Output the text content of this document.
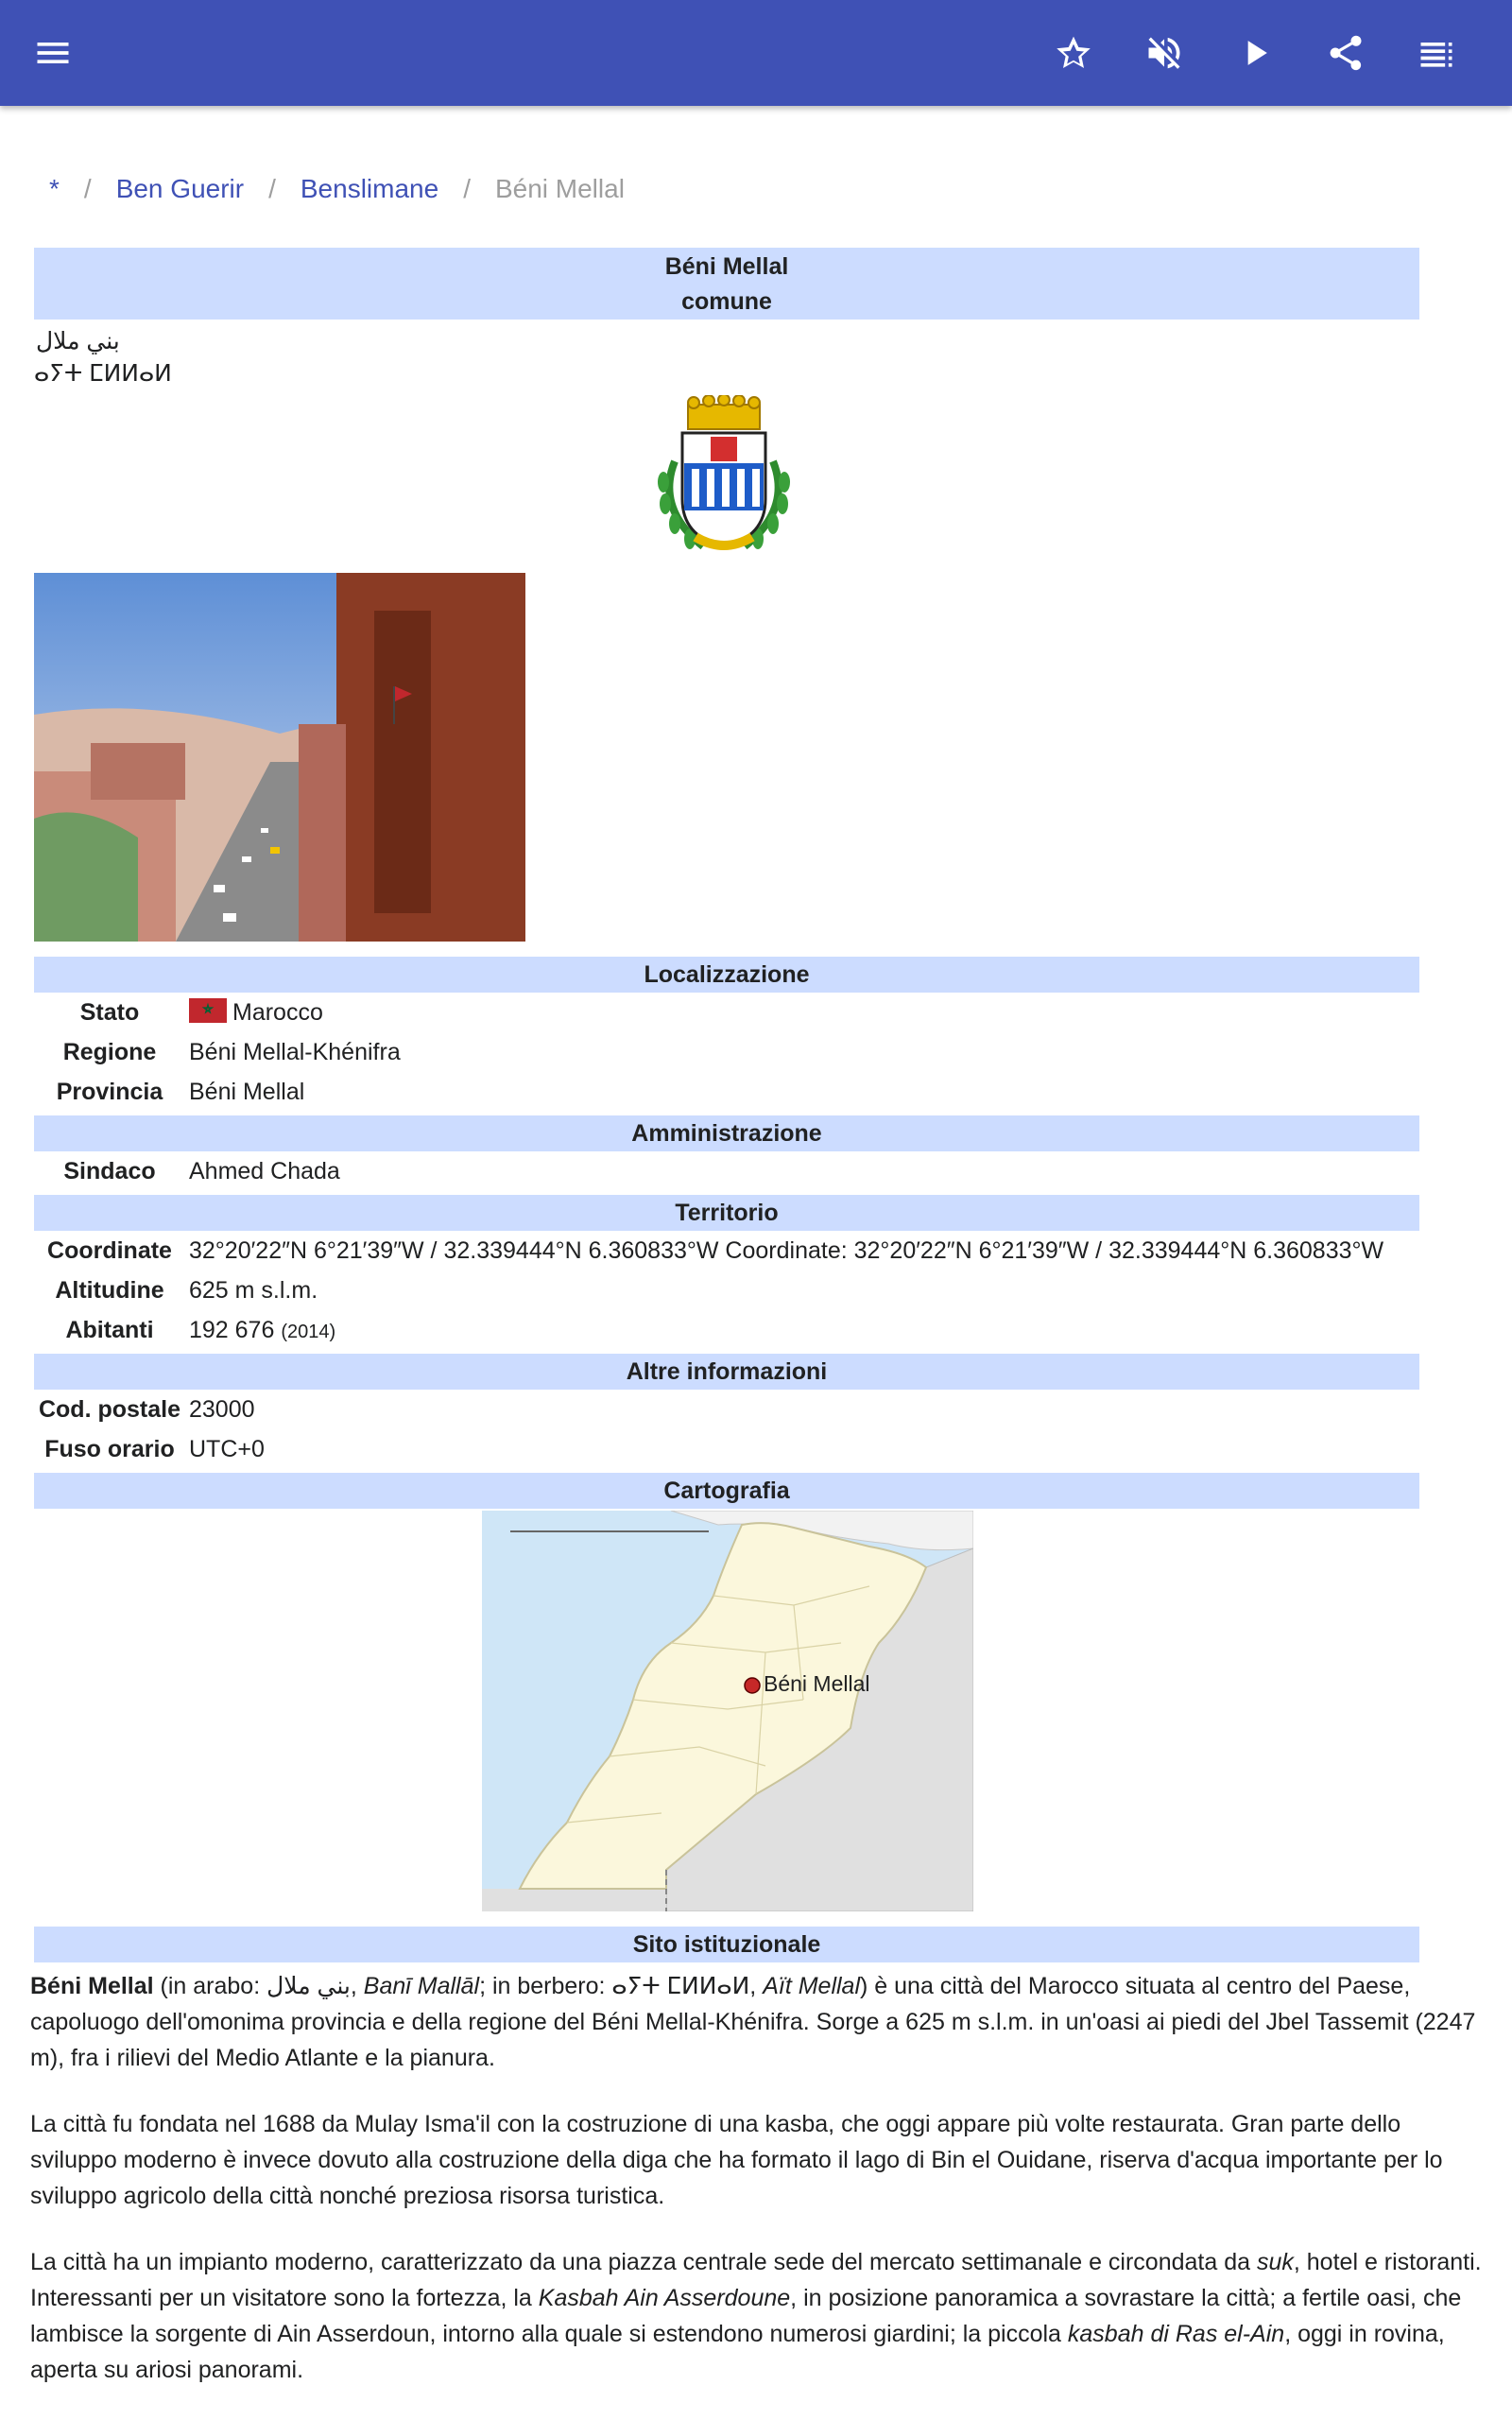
* / Ben Guerir / Benslimane / Béni Mellal
Béni Mellal
comune
بني ملال
ⴰⵢⵜ ⵎⵍⵍⴰⵍ
Localizzazione
Stato	Marocco
Regione	Béni Mellal-Khénifra
Provincia	Béni Mellal
Amministrazione
Sindaco	Ahmed Chada
Territorio
Coordinate 32°20′22″N 6°21′39″W / 32.339444°N 6.360833°W Coordinate: 32°20′22″N 6°21′39″W / 32.339444°N 6.360833°W
Altitudine	625 m s.l.m.
Abitanti	192 676 (2014)
Altre informazioni
Cod. postale 23000
Fuso orario UTC+0
Cartografia
Béni Mellal
Sito istituzionale

Béni Mellal (in arabo: بني ملال, Banī Mallāl; in berbero: ⴰⵢⵜ ⵎⵍⵍⴰⵍ, Aït Mellal) è una città del Marocco situata al centro del Paese, capoluogo dell'omonima provincia e della regione del Béni Mellal-Khénifra. Sorge a 625 m s.l.m. in un'oasi ai piedi del Jbel Tassemit (2247 m), fra i rilievi del Medio Atlante e la pianura.

La città fu fondata nel 1688 da Mulay Isma'il con la costruzione di una kasba, che oggi appare più volte restaurata. Gran parte dello sviluppo moderno è invece dovuto alla costruzione della diga che ha formato il lago di Bin el Ouidane, riserva d'acqua importante per lo sviluppo agricolo della città nonché preziosa risorsa turistica.

La città ha un impianto moderno, caratterizzato da una piazza centrale sede del mercato settimanale e circondata da suk, hotel e ristoranti. Interessanti per un visitatore sono la fortezza, la Kasbah Ain Asserdoune, in posizione panoramica a sovrastare la città; a fertile oasi, che lambisce la sorgente di Ain Asserdoun, intorno alla quale si estendono numerosi giardini; la piccola kasbah di Ras el-Ain, oggi in rovina, aperta su ariosi panorami.
